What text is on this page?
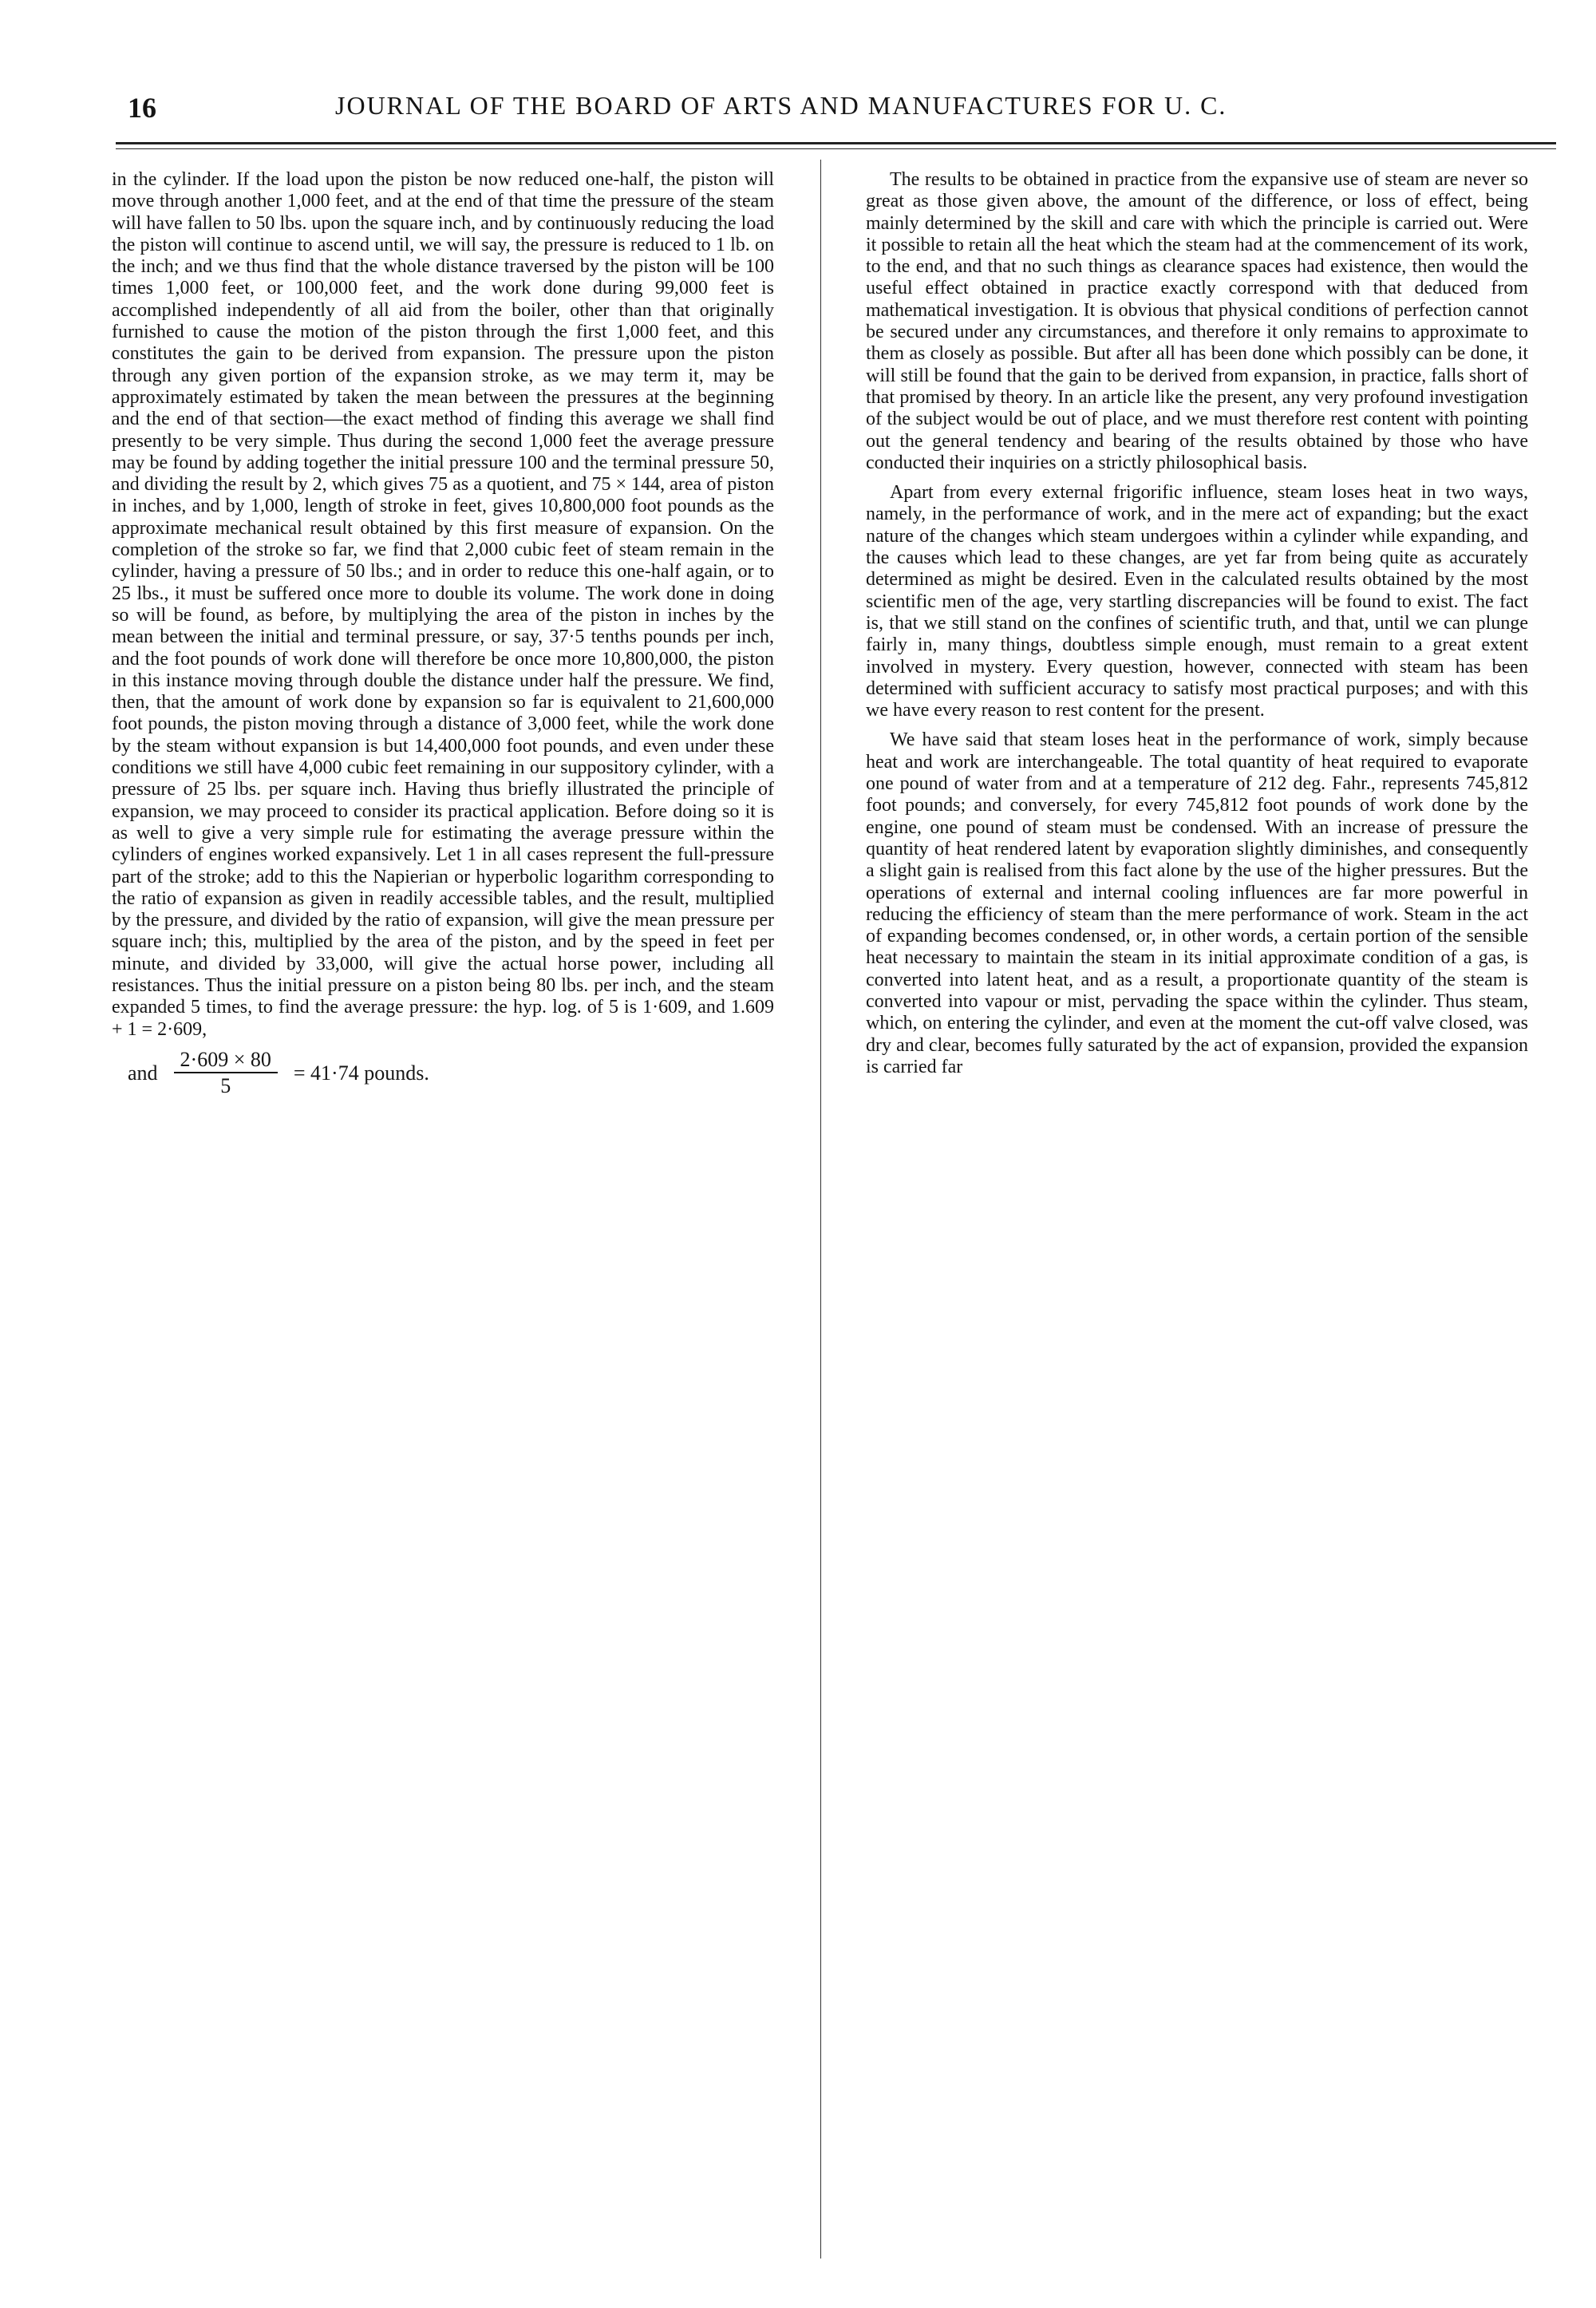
16	JOURNAL OF THE BOARD OF ARTS AND MANUFACTURES FOR U. C.

in the cylinder. If the load upon the piston be now reduced one-half, the piston will move through another 1,000 feet, and at the end of that time the pressure of the steam will have fallen to 50 lbs. upon the square inch, and by continuously reducing the load the piston will continue to ascend until, we will say, the pressure is reduced to 1 lb. on the inch; and we thus find that the whole distance traversed by the piston will be 100 times 1,000 feet, or 100,000 feet, and the work done during 99,000 feet is accomplished independently of all aid from the boiler, other than that originally furnished to cause the motion of the piston through the first 1,000 feet, and this constitutes the gain to be derived from expansion. The pressure upon the piston through any given portion of the expansion stroke, as we may term it, may be approximately estimated by taken the mean between the pressures at the beginning and the end of that section—the exact method of finding this average we shall find presently to be very simple. Thus during the second 1,000 feet the average pressure may be found by adding together the initial pressure 100 and the terminal pressure 50, and dividing the result by 2, which gives 75 as a quotient, and 75 × 144, area of piston in inches, and by 1,000, length of stroke in feet, gives 10,800,000 foot pounds as the approximate mechanical result obtained by this first measure of expansion. On the completion of the stroke so far, we find that 2,000 cubic feet of steam remain in the cylinder, having a pressure of 50 lbs.; and in order to reduce this one-half again, or to 25 lbs., it must be suffered once more to double its volume. The work done in doing so will be found, as before, by multiplying the area of the piston in inches by the mean between the initial and terminal pressure, or say, 37·5 tenths pounds per inch, and the foot pounds of work done will therefore be once more 10,800,000, the piston in this instance moving through double the distance under half the pressure. We find, then, that the amount of work done by expansion so far is equivalent to 21,600,000 foot pounds, the piston moving through a distance of 3,000 feet, while the work done by the steam without expansion is but 14,400,000 foot pounds, and even under these conditions we still have 4,000 cubic feet remaining in our suppository cylinder, with a pressure of 25 lbs. per square inch. Having thus briefly illustrated the principle of expansion, we may proceed to consider its practical application. Before doing so it is as well to give a very simple rule for estimating the average pressure within the cylinders of engines worked expansively. Let 1 in all cases represent the full-pressure part of the stroke; add to this the Napierian or hyperbolic logarithm corresponding to the ratio of expansion as given in readily accessible tables, and the result, multiplied by the pressure, and divided by the ratio of expansion, will give the mean pressure per square inch; this, multiplied by the area of the piston, and by the speed in feet per minute, and divided by 33,000, will give the actual horse power, including all resistances. Thus the initial pressure on a piston being 80 lbs. per inch, and the steam expanded 5 times, to find the average pressure: the hyp. log. of 5 is 1·609, and 1.609 + 1 = 2·609,

and $\frac{2\cdot 609 \times 80}{5} = 41\cdot 74$ pounds.

The results to be obtained in practice from the expansive use of steam are never so great as those given above, the amount of the difference, or loss of effect, being mainly determined by the skill and care with which the principle is carried out. Were it possible to retain all the heat which the steam had at the commencement of its work, to the end, and that no such things as clearance spaces had existence, then would the useful effect obtained in practice exactly correspond with that deduced from mathematical investigation. It is obvious that physical conditions of perfection cannot be secured under any circumstances, and therefore it only remains to approximate to them as closely as possible. But after all has been done which possibly can be done, it will still be found that the gain to be derived from expansion, in practice, falls short of that promised by theory. In an article like the present, any very profound investigation of the subject would be out of place, and we must therefore rest content with pointing out the general tendency and bearing of the results obtained by those who have conducted their inquiries on a strictly philosophical basis.

Apart from every external frigorific influence, steam loses heat in two ways, namely, in the performance of work, and in the mere act of expanding; but the exact nature of the changes which steam undergoes within a cylinder while expanding, and the causes which lead to these changes, are yet far from being quite as accurately determined as might be desired. Even in the calculated results obtained by the most scientific men of the age, very startling discrepancies will be found to exist. The fact is, that we still stand on the confines of scientific truth, and that, until we can plunge fairly in, many things, doubtless simple enough, must remain to a great extent involved in mystery. Every question, however, connected with steam has been determined with sufficient accuracy to satisfy most practical purposes; and with this we have every reason to rest content for the present.

We have said that steam loses heat in the performance of work, simply because heat and work are interchangeable. The total quantity of heat required to evaporate one pound of water from and at a temperature of 212 deg. Fahr., represents 745,812 foot pounds; and conversely, for every 745,812 foot pounds of work done by the engine, one pound of steam must be condensed. With an increase of pressure the quantity of heat rendered latent by evaporation slightly diminishes, and consequently a slight gain is realised from this fact alone by the use of the higher pressures. But the operations of external and internal cooling influences are far more powerful in reducing the efficiency of steam than the mere performance of work. Steam in the act of expanding becomes condensed, or, in other words, a certain portion of the sensible heat necessary to maintain the steam in its initial approximate condition of a gas, is converted into latent heat, and as a result, a proportionate quantity of the steam is converted into vapour or mist, pervading the space within the cylinder. Thus steam, which, on entering the cylinder, and even at the moment the cut-off valve closed, was dry and clear, becomes fully saturated by the act of expansion, provided the expansion is carried far
